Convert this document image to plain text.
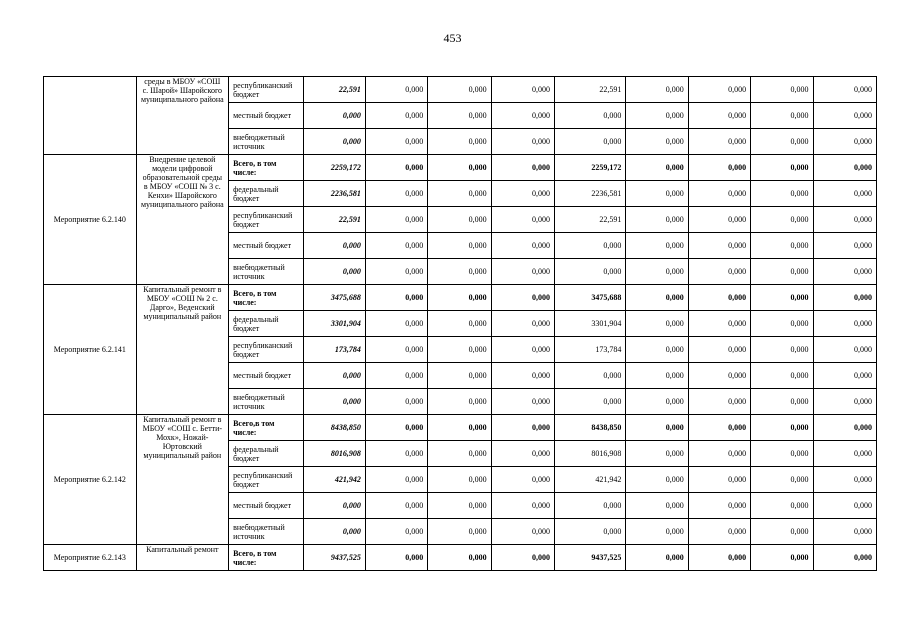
453
	среды в МБОУ «СОШ с. Шарой» Шаройского муниципального района	республиканский бюджет	22,591	0,000	0,000	0,000	22,591	0,000	0,000	0,000	0,000
		местный бюджет	0,000	0,000	0,000	0,000	0,000	0,000	0,000	0,000	0,000
		внебюджетный источник	0,000	0,000	0,000	0,000	0,000	0,000	0,000	0,000	0,000
Мероприятие 6.2.140	Внедрение целевой модели цифровой образовательной среды в МБОУ «СОШ № 3 с. Кенхи» Шаройского муниципального района	Всего, в том числе:	2259,172	0,000	0,000	0,000	2259,172	0,000	0,000	0,000	0,000
		федеральный бюджет	2236,581	0,000	0,000	0,000	2236,581	0,000	0,000	0,000	0,000
		республиканский бюджет	22,591	0,000	0,000	0,000	22,591	0,000	0,000	0,000	0,000
		местный бюджет	0,000	0,000	0,000	0,000	0,000	0,000	0,000	0,000	0,000
		внебюджетный источник	0,000	0,000	0,000	0,000	0,000	0,000	0,000	0,000	0,000
Мероприятие 6.2.141	Капитальный ремонт в МБОУ «СОШ № 2 с. Дарго», Веденский муниципальный район	Всего, в том числе:	3475,688	0,000	0,000	0,000	3475,688	0,000	0,000	0,000	0,000
		федеральный бюджет	3301,904	0,000	0,000	0,000	3301,904	0,000	0,000	0,000	0,000
		республиканский бюджет	173,784	0,000	0,000	0,000	173,784	0,000	0,000	0,000	0,000
		местный бюджет	0,000	0,000	0,000	0,000	0,000	0,000	0,000	0,000	0,000
		внебюджетный источник	0,000	0,000	0,000	0,000	0,000	0,000	0,000	0,000	0,000
Мероприятие 6.2.142	Капитальный ремонт в МБОУ «СОШ с. Бетти-Мохк», Ножай-Юртовский муниципальный район	Всего,в том числе:	8438,850	0,000	0,000	0,000	8438,850	0,000	0,000	0,000	0,000
		федеральный бюджет	8016,908	0,000	0,000	0,000	8016,908	0,000	0,000	0,000	0,000
		республиканский бюджет	421,942	0,000	0,000	0,000	421,942	0,000	0,000	0,000	0,000
		местный бюджет	0,000	0,000	0,000	0,000	0,000	0,000	0,000	0,000	0,000
		внебюджетный источник	0,000	0,000	0,000	0,000	0,000	0,000	0,000	0,000	0,000
Мероприятие 6.2.143	Капитальный ремонт	Всего, в том числе:	9437,525	0,000	0,000	0,000	9437,525	0,000	0,000	0,000	0,000
